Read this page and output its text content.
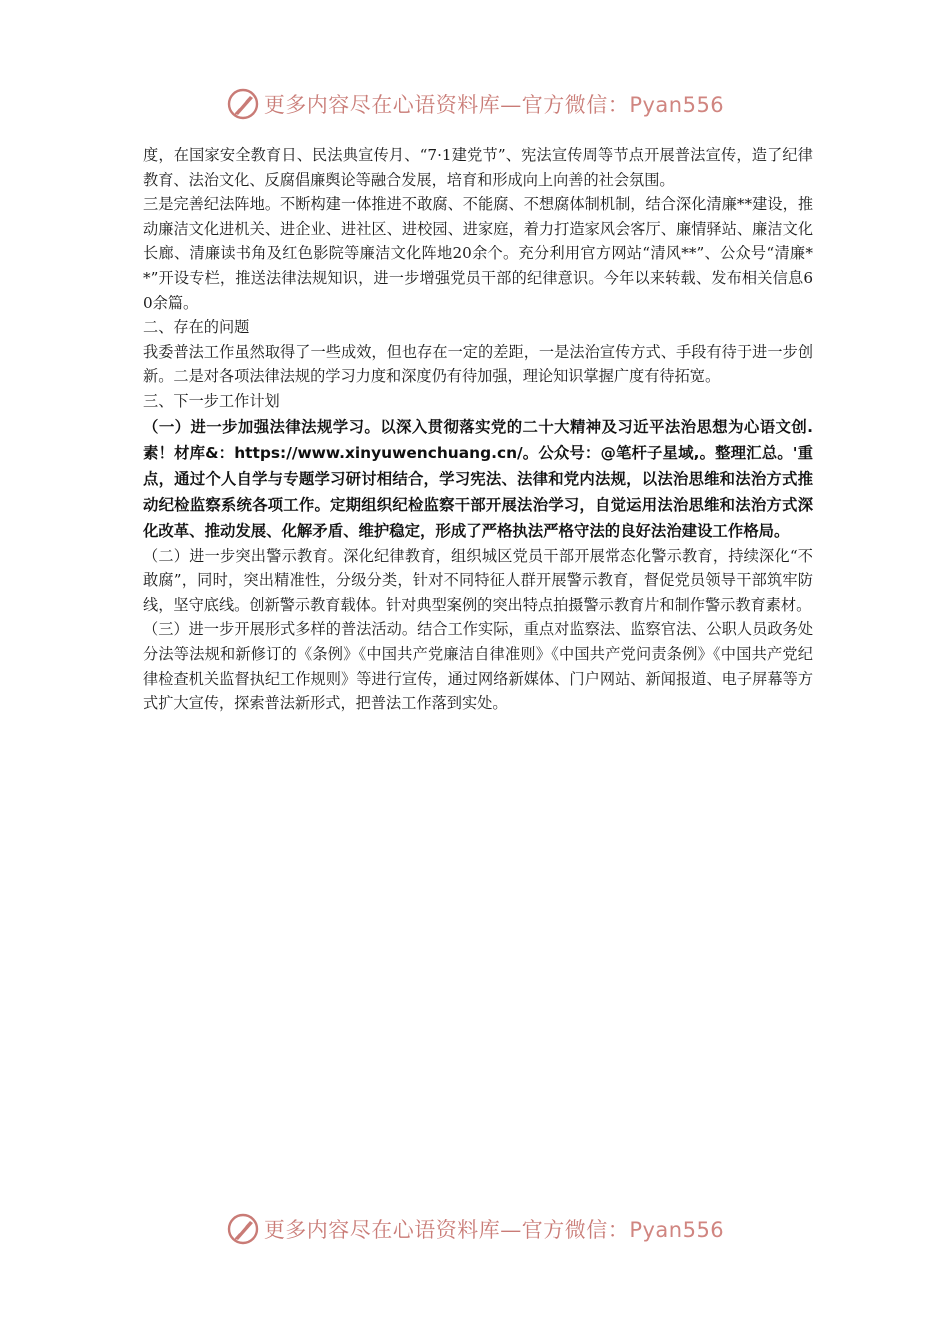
更多内容尽在心语资料库—官方微信：Pyan556

度，在国家安全教育日、民法典宣传月、“7·1建党节”、宪法宣传周等节点开展普法宣传，造了纪律教育、法治文化、反腐倡廉舆论等融合发展，培育和形成向上向善的社会氛围。

三是完善纪法阵地。不断构建一体推进不敢腐、不能腐、不想腐体制机制，结合深化清廉**建设，推动廉洁文化进机关、进企业、进社区、进校园、进家庭，着力打造家风会客厅、廉情驿站、廉洁文化长廊、清廉读书角及红色影院等廉洁文化阵地20余个。充分利用官方网站“清风**”、公众号“清廉**”开设专栏，推送法律法规知识，进一步增强党员干部的纪律意识。今年以来转载、发布相关信息60余篇。

二、存在的问题

我委普法工作虽然取得了一些成效，但也存在一定的差距，一是法治宣传方式、手段有待于进一步创新。二是对各项法律法规的学习力度和深度仍有待加强，理论知识掌握广度有待拓宽。

三、下一步工作计划

（一）进一步加强法律法规学习。以深入贯彻落实党的二十大精神及习近平法治思想为心语文创.素！材库&：https://www.xinyuwenchuang.cn/。公众号：@笔杆子星域,。整理汇总。'重点，通过个人自学与专题学习研讨相结合，学习宪法、法律和党内法规，以法治思维和法治方式推动纪检监察系统各项工作。定期组织纪检监察干部开展法治学习，自觉运用法治思维和法治方式深化改革、推动发展、化解矛盾、维护稳定，形成了严格执法严格守法的良好法治建设工作格局。

（二）进一步突出警示教育。深化纪律教育，组织城区党员干部开展常态化警示教育，持续深化“不敢腐”，同时，突出精准性，分级分类，针对不同特征人群开展警示教育，督促党员领导干部筑牢防线，坚守底线。创新警示教育载体。针对典型案例的突出特点拍摄警示教育片和制作警示教育素材。

（三）进一步开展形式多样的普法活动。结合工作实际，重点对监察法、监察官法、公职人员政务处分法等法规和新修订的《条例》《中国共产党廉洁自律准则》《中国共产党问责条例》《中国共产党纪律检查机关监督执纪工作规则》等进行宣传，通过网络新媒体、门户网站、新闻报道、电子屏幕等方式扩大宣传，探索普法新形式，把普法工作落到实处。

更多内容尽在心语资料库—官方微信：Pyan556
